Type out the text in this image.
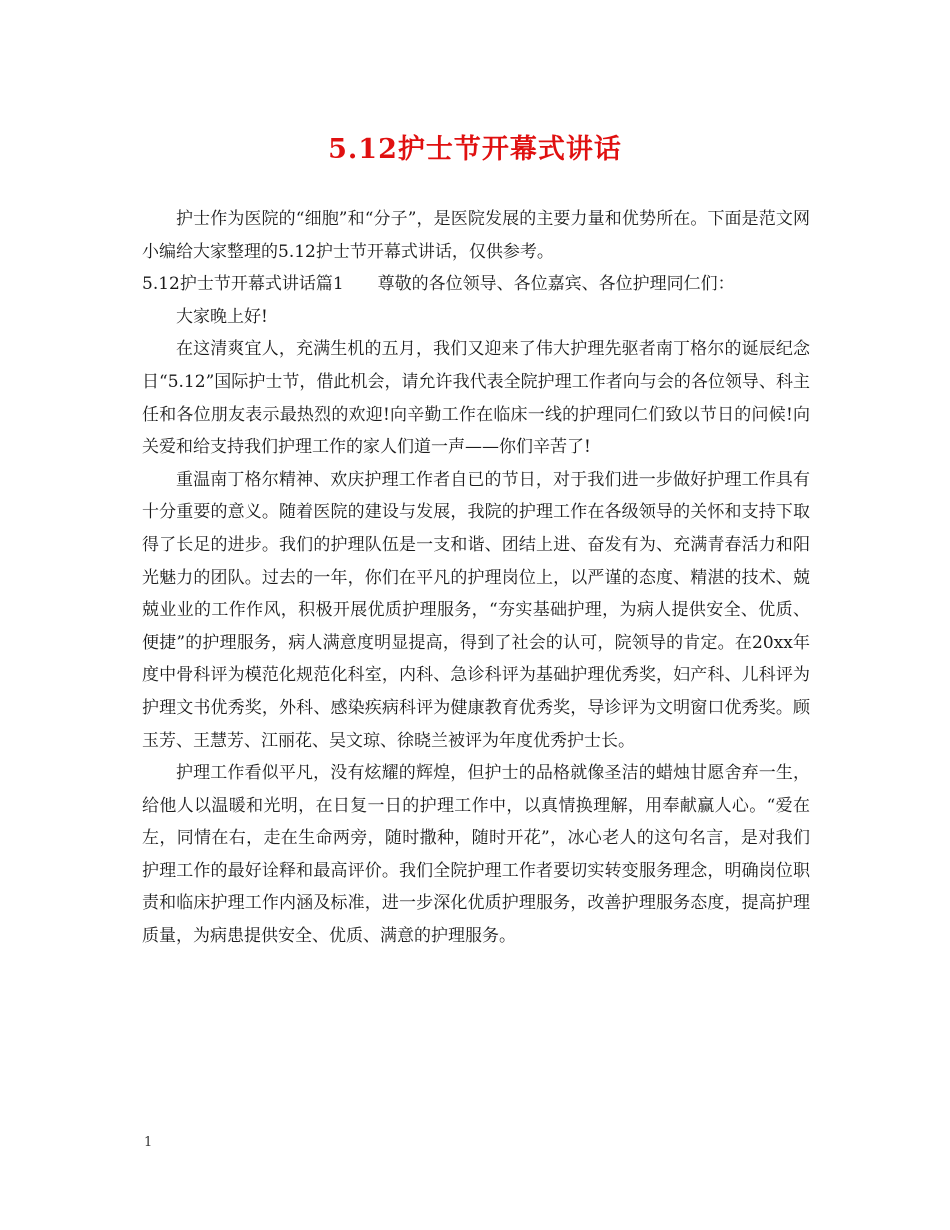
5.12护士节开幕式讲话

护士作为医院的“细胞”和“分子”，是医院发展的主要力量和优势所在。下面是范文网小编给大家整理的5.12护士节开幕式讲话，仅供参考。

5.12护士节开幕式讲话篇1 尊敬的各位领导、各位嘉宾、各位护理同仁们：

大家晚上好!

在这清爽宜人，充满生机的五月，我们又迎来了伟大护理先驱者南丁格尔的诞辰纪念日“5.12”国际护士节，借此机会，请允许我代表全院护理工作者向与会的各位领导、科主任和各位朋友表示最热烈的欢迎!向辛勤工作在临床一线的护理同仁们致以节日的问候!向关爱和给支持我们护理工作的家人们道一声——你们辛苦了!

重温南丁格尔精神、欢庆护理工作者自已的节日，对于我们进一步做好护理工作具有十分重要的意义。随着医院的建设与发展，我院的护理工作在各级领导的关怀和支持下取得了长足的进步。我们的护理队伍是一支和谐、团结上进、奋发有为、充满青春活力和阳光魅力的团队。过去的一年，你们在平凡的护理岗位上，以严谨的态度、精湛的技术、兢兢业业的工作作风，积极开展优质护理服务，“夯实基础护理，为病人提供安全、优质、便捷”的护理服务，病人满意度明显提高，得到了社会的认可，院领导的肯定。在20xx年度中骨科评为模范化规范化科室，内科、急诊科评为基础护理优秀奖，妇产科、儿科评为护理文书优秀奖，外科、感染疾病科评为健康教育优秀奖，导诊评为文明窗口优秀奖。顾玉芳、王慧芳、江丽花、吴文琼、徐晓兰被评为年度优秀护士长。

护理工作看似平凡，没有炫耀的辉煌，但护士的品格就像圣洁的蜡烛甘愿舍弃一生，给他人以温暖和光明，在日复一日的护理工作中，以真情换理解，用奉献赢人心。“爱在左，同情在右，走在生命两旁，随时撒种，随时开花”，冰心老人的这句名言，是对我们护理工作的最好诠释和最高评价。我们全院护理工作者要切实转变服务理念，明确岗位职责和临床护理工作内涵及标准，进一步深化优质护理服务，改善护理服务态度，提高护理质量，为病患提供安全、优质、满意的护理服务。

1
